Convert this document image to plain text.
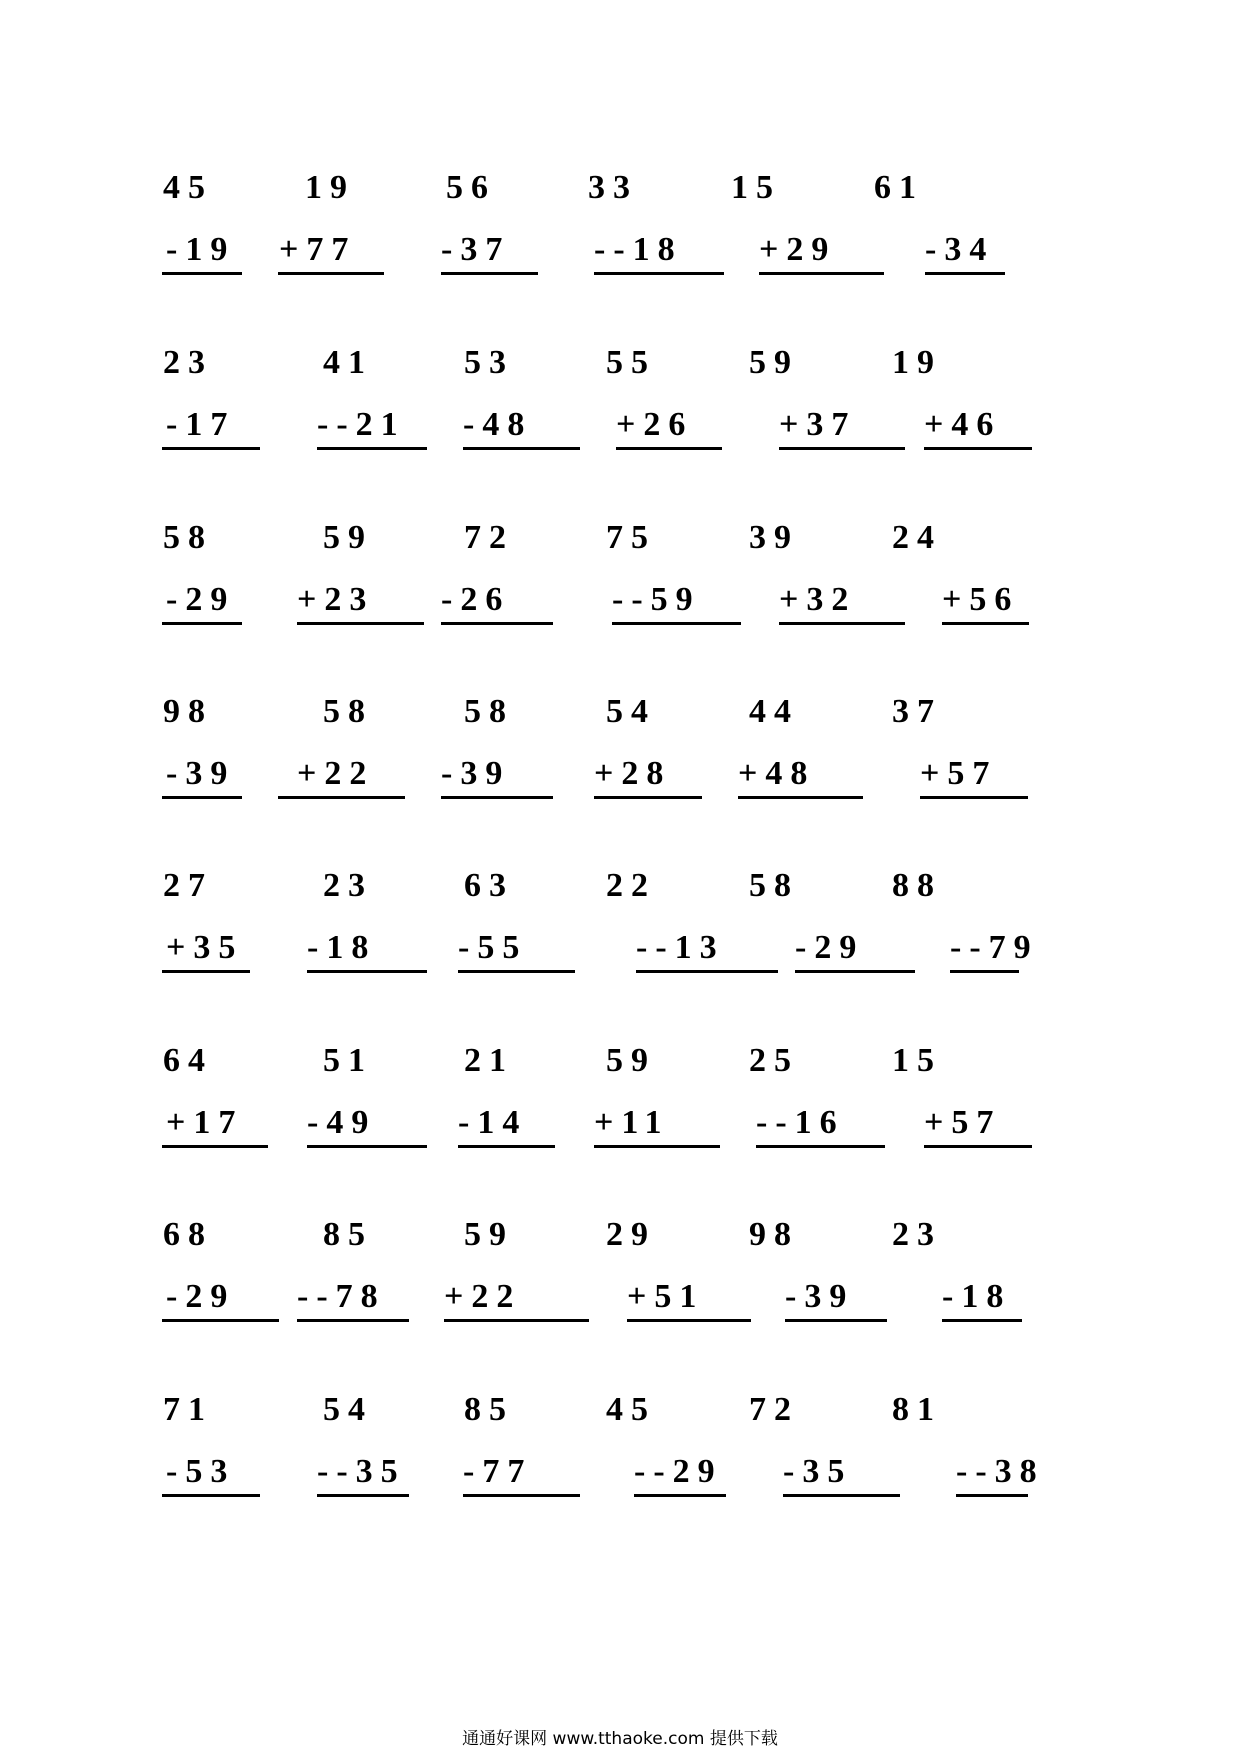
45
-19
19
+77
56
-37
33
--18
15
+29
61
-34
23
-17
41
--21
53
-48
55
+26
59
+37
19
+46
58
-29
59
+23
72
-26
75
--59
39
+32
24
+56
98
-39
58
+22
58
-39
54
+28
44
+48
37
+57
27
+35
23
-18
63
-55
22
--13
58
-29
88
--79
64
+17
51
-49
21
-14
59
+11
25
--16
15
+57
68
-29
85
--78
59
+22
29
+51
98
-39
23
-18
71
-53
54
--35
85
-77
45
--29
72
-35
81
--38
通通好课网 www.tthaoke.com 提供下载
